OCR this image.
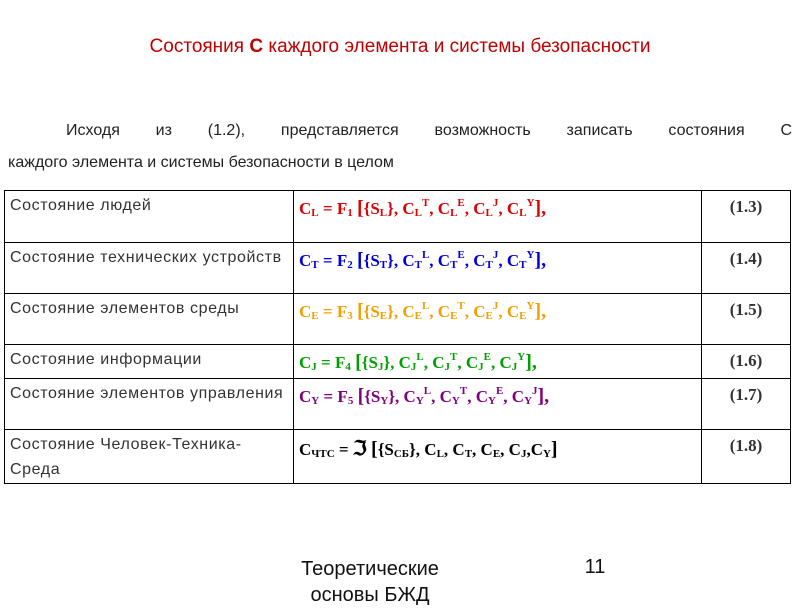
Состояния С каждого элемента и системы безопасности
Исходя из (1.2), представляется возможность записать состояния С
каждого элемента и системы безопасности в целом
Состояние людей	$C_L = F_1$ [$\{S_L\}$, $C_L^T$, $C_L^E$, $C_L^J$, $C_L^Y$],	(1.3)
Состояние технических устройств	$C_T = F_2$ [$\{S_T\}$, $C_T^L$, $C_T^E$, $C_T^J$, $C_T^Y$],	(1.4)
Состояние элементов среды	$C_E = F_3$ [$\{S_E\}$, $C_E^L$, $C_E^T$, $C_E^J$, $C_E^Y$],	(1.5)
Состояние информации	$C_J = F_4$ [$\{S_J\}$, $C_J^L$, $C_J^T$, $C_J^E$, $C_J^Y$],	(1.6)
Состояние элементов управления	$C_Y = F_5$ [$\{S_Y\}$, $C_Y^L$, $C_Y^T$, $C_Y^E$, $C_Y^J$],	(1.7)
Состояние Человек-Техника-Среда	$C_{ЧТС}$ = ℑ [$\{S_{СБ}\}$, $C_L$, $C_T$, $C_E$, $C_J,C_Y$]	(1.8)
Теоретические основы БЖД
11
